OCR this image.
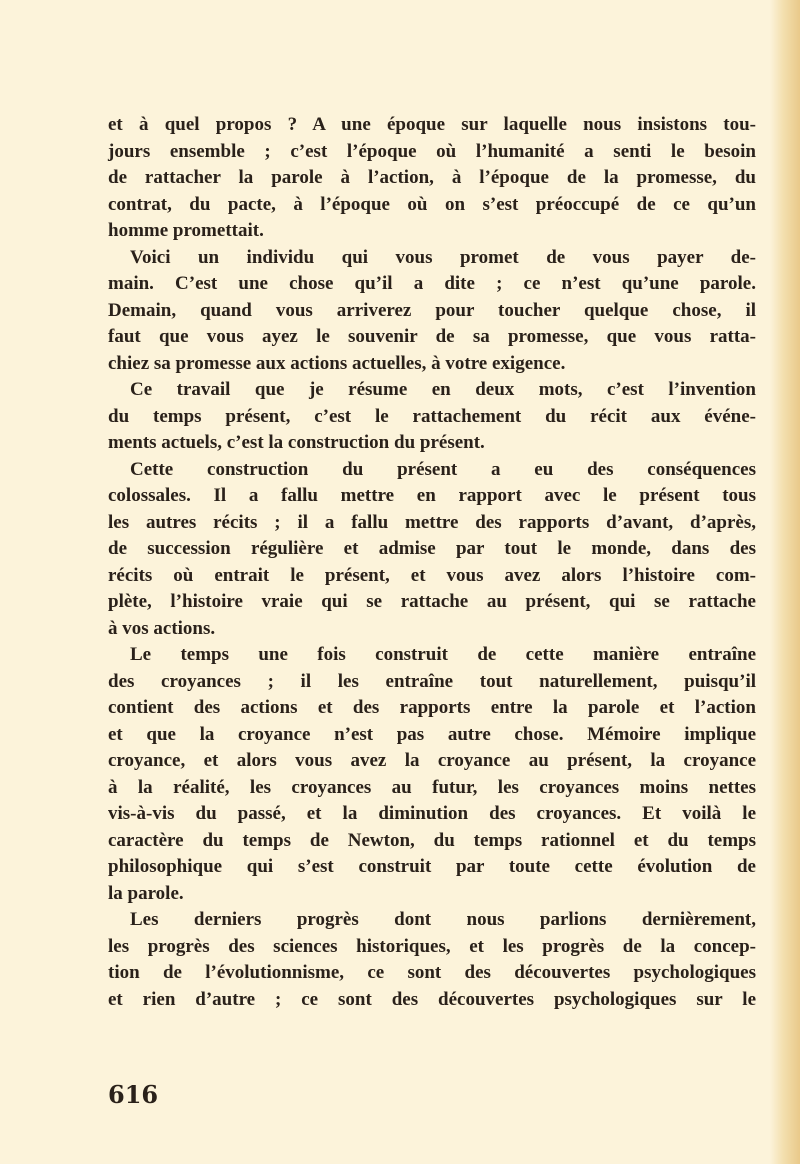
et à quel propos ? A une époque sur laquelle nous insistons tou-
jours ensemble ; c’est l’époque où l’humanité a senti le besoin
de rattacher la parole à l’action, à l’époque de la promesse, du
contrat, du pacte, à l’époque où on s’est préoccupé de ce qu’un
homme promettait.
Voici un individu qui vous promet de vous payer de-
main. C’est une chose qu’il a dite ; ce n’est qu’une parole.
Demain, quand vous arriverez pour toucher quelque chose, il
faut que vous ayez le souvenir de sa promesse, que vous ratta-
chiez sa promesse aux actions actuelles, à votre exigence.
Ce travail que je résume en deux mots, c’est l’invention
du temps présent, c’est le rattachement du récit aux événe-
ments actuels, c’est la construction du présent.
Cette construction du présent a eu des conséquences
colossales. Il a fallu mettre en rapport avec le présent tous
les autres récits ; il a fallu mettre des rapports d’avant, d’après,
de succession régulière et admise par tout le monde, dans des
récits où entrait le présent, et vous avez alors l’histoire com-
plète, l’histoire vraie qui se rattache au présent, qui se rattache
à vos actions.
Le temps une fois construit de cette manière entraîne
des croyances ; il les entraîne tout naturellement, puisqu’il
contient des actions et des rapports entre la parole et l’action
et que la croyance n’est pas autre chose. Mémoire implique
croyance, et alors vous avez la croyance au présent, la croyance
à la réalité, les croyances au futur, les croyances moins nettes
vis-à-vis du passé, et la diminution des croyances. Et voilà le
caractère du temps de Newton, du temps rationnel et du temps
philosophique qui s’est construit par toute cette évolution de
la parole.
Les derniers progrès dont nous parlions dernièrement,
les progrès des sciences historiques, et les progrès de la concep-
tion de l’évolutionnisme, ce sont des découvertes psychologiques
et rien d’autre ; ce sont des découvertes psychologiques sur le
616
